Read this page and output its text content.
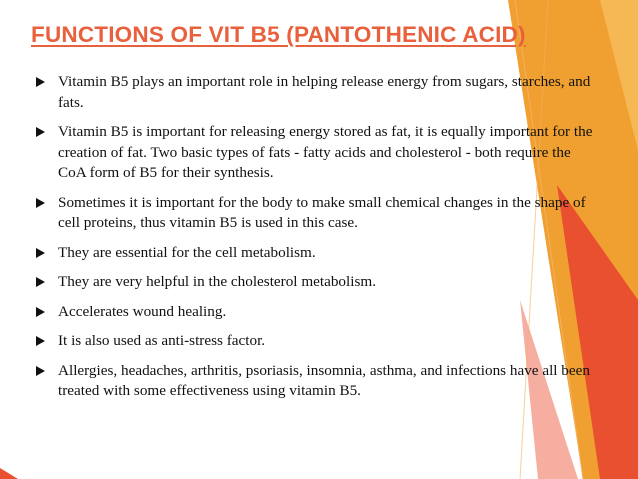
FUNCTIONS OF VIT B5 (PANTOTHENIC ACID)
Vitamin B5 plays an important role in helping release energy from sugars, starches, and fats.
Vitamin B5 is important for releasing energy stored as fat, it is equally important for the creation of fat. Two basic types of fats - fatty acids and cholesterol - both require the CoA form of B5 for their synthesis.
Sometimes it is important for the body to make small chemical changes in the shape of cell proteins, thus vitamin B5 is used in this case.
They are essential for the cell metabolism.
They are very helpful in the cholesterol metabolism.
Accelerates wound healing.
It is also used as anti-stress factor.
Allergies, headaches, arthritis, psoriasis, insomnia, asthma, and infections have all been treated with some effectiveness using vitamin B5.
